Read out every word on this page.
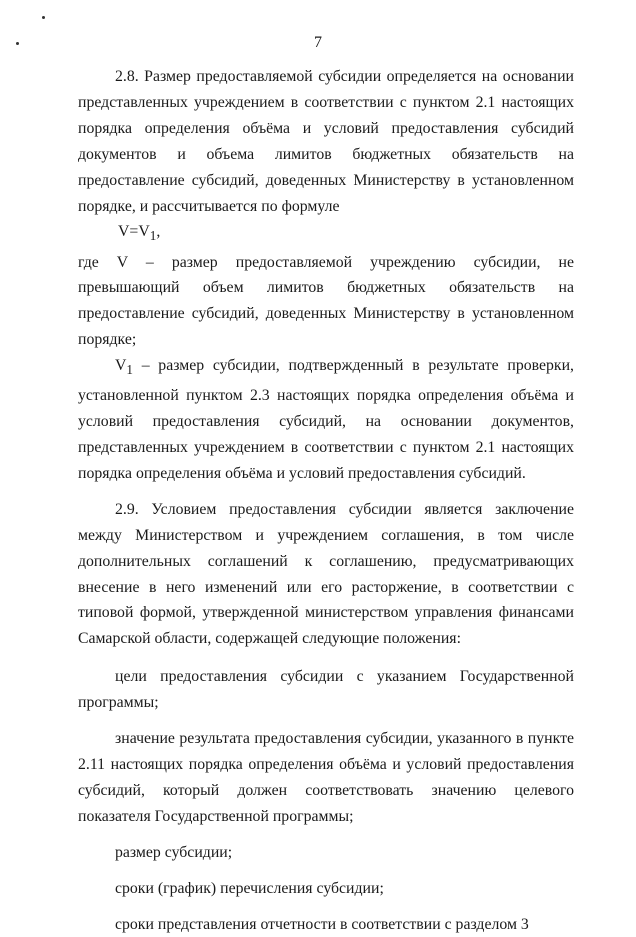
7

2.8. Размер предоставляемой субсидии определяется на основании представленных учреждением в соответствии с пунктом 2.1 настоящих порядка определения объёма и условий предоставления субсидий документов и объема лимитов бюджетных обязательств на предоставление субсидий, доведенных Министерству в установленном порядке, и рассчитывается по формуле

$V=V_1$,

где V – размер предоставляемой учреждению субсидии, не превышающий объем лимитов бюджетных обязательств на предоставление субсидий, доведенных Министерству в установленном порядке;

$V_1$ – размер субсидии, подтвержденный в результате проверки, установленной пунктом 2.3 настоящих порядка определения объёма и условий предоставления субсидий, на основании документов, представленных учреждением в соответствии с пунктом 2.1 настоящих порядка определения объёма и условий предоставления субсидий.

2.9. Условием предоставления субсидии является заключение между Министерством и учреждением соглашения, в том числе дополнительных соглашений к соглашению, предусматривающих внесение в него изменений или его расторжение, в соответствии с типовой формой, утвержденной министерством управления финансами Самарской области, содержащей следующие положения:

цели предоставления субсидии с указанием Государственной программы;

значение результата предоставления субсидии, указанного в пункте 2.11 настоящих порядка определения объёма и условий предоставления субсидий, который должен соответствовать значению целевого показателя Государственной программы;

размер субсидии;

сроки (график) перечисления субсидии;

сроки представления отчетности в соответствии с разделом 3
